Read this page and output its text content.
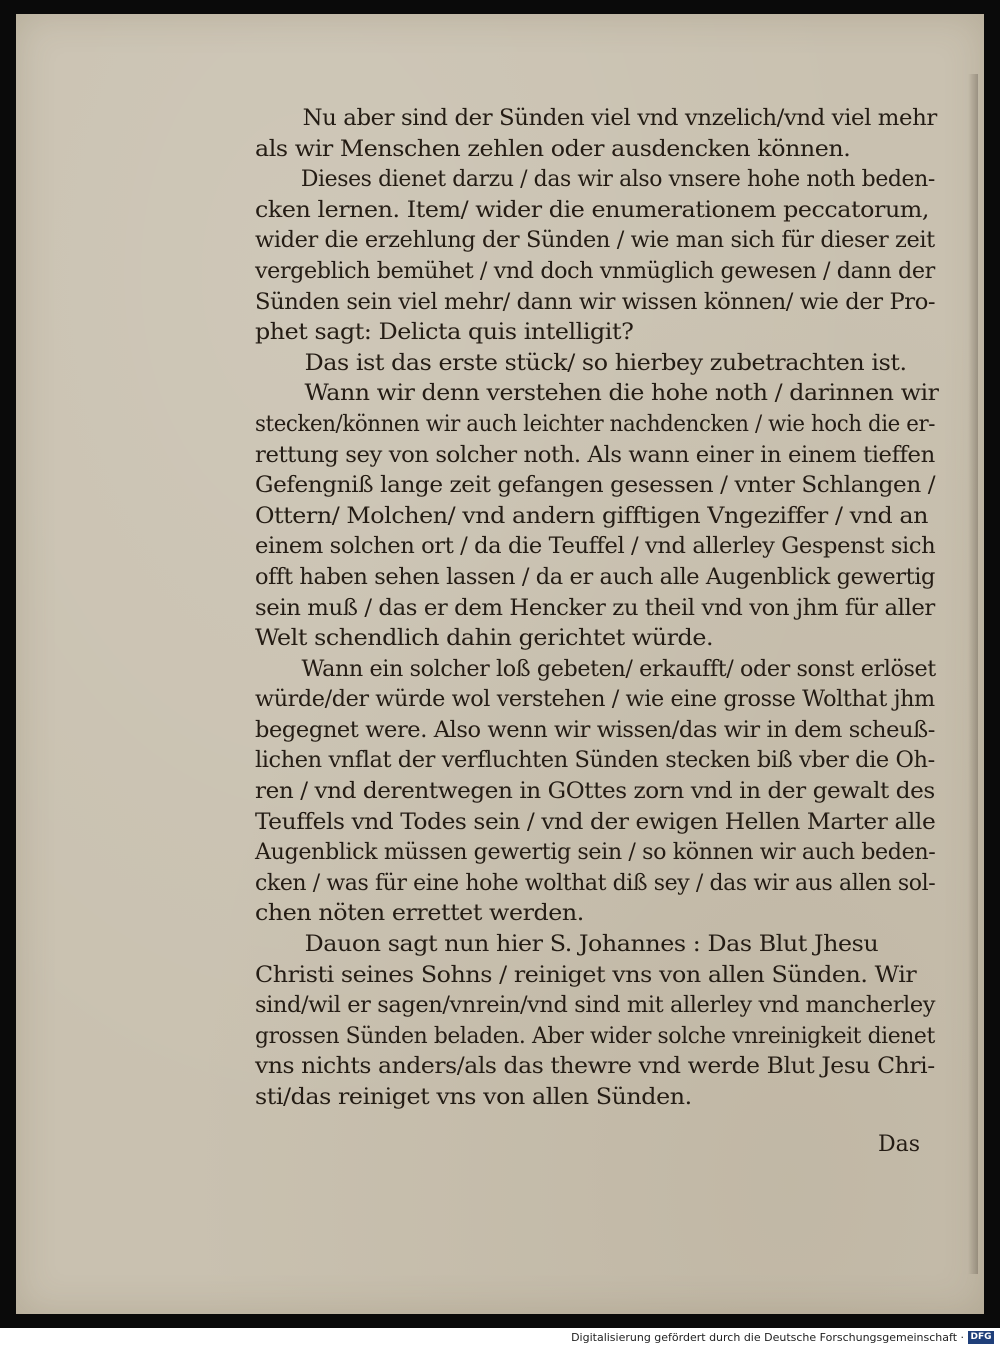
Nu aber sind der Sünden viel vnd vnzelich/vnd viel mehr
als wir Menschen zehlen oder ausdencken können.
Dieses dienet darzu / das wir also vnsere hohe noth beden-
cken lernen. Item/ wider die enumerationem peccatorum,
wider die erzehlung der Sünden / wie man sich für dieser zeit
vergeblich bemühet / vnd doch vnmüglich gewesen / dann der
Sünden sein viel mehr/ dann wir wissen können/ wie der Pro-
phet sagt: Delicta quis intelligit?
Das ist das erste stück/ so hierbey zubetrachten ist.
Wann wir denn verstehen die hohe noth / darinnen wir
stecken/können wir auch leichter nachdencken / wie hoch die er-
rettung sey von solcher noth. Als wann einer in einem tieffen
Gefengniß lange zeit gefangen gesessen / vnter Schlangen /
Ottern/ Molchen/ vnd andern gifftigen Vngeziffer / vnd an
einem solchen ort / da die Teuffel / vnd allerley Gespenst sich
offt haben sehen lassen / da er auch alle Augenblick gewertig
sein muß / das er dem Hencker zu theil vnd von jhm für aller
Welt schendlich dahin gerichtet würde.
Wann ein solcher loß gebeten/ erkaufft/ oder sonst erlöset
würde/der würde wol verstehen / wie eine grosse Wolthat jhm
begegnet were. Also wenn wir wissen/das wir in dem scheuß-
lichen vnflat der verfluchten Sünden stecken biß vber die Oh-
ren / vnd derentwegen in GOttes zorn vnd in der gewalt des
Teuffels vnd Todes sein / vnd der ewigen Hellen Marter alle
Augenblick müssen gewertig sein / so können wir auch beden-
cken / was für eine hohe wolthat diß sey / das wir aus allen sol-
chen nöten errettet werden.
Dauon sagt nun hier S. Johannes : Das Blut Jhesu
Christi seines Sohns / reiniget vns von allen Sünden. Wir
sind/wil er sagen/vnrein/vnd sind mit allerley vnd mancherley
grossen Sünden beladen. Aber wider solche vnreinigkeit dienet
vns nichts anders/als das thewre vnd werde Blut Jesu Chri-
sti/das reiniget vns von allen Sünden.
Das
Digitalisierung gefördert durch die Deutsche Forschungsgemeinschaft · DFG
